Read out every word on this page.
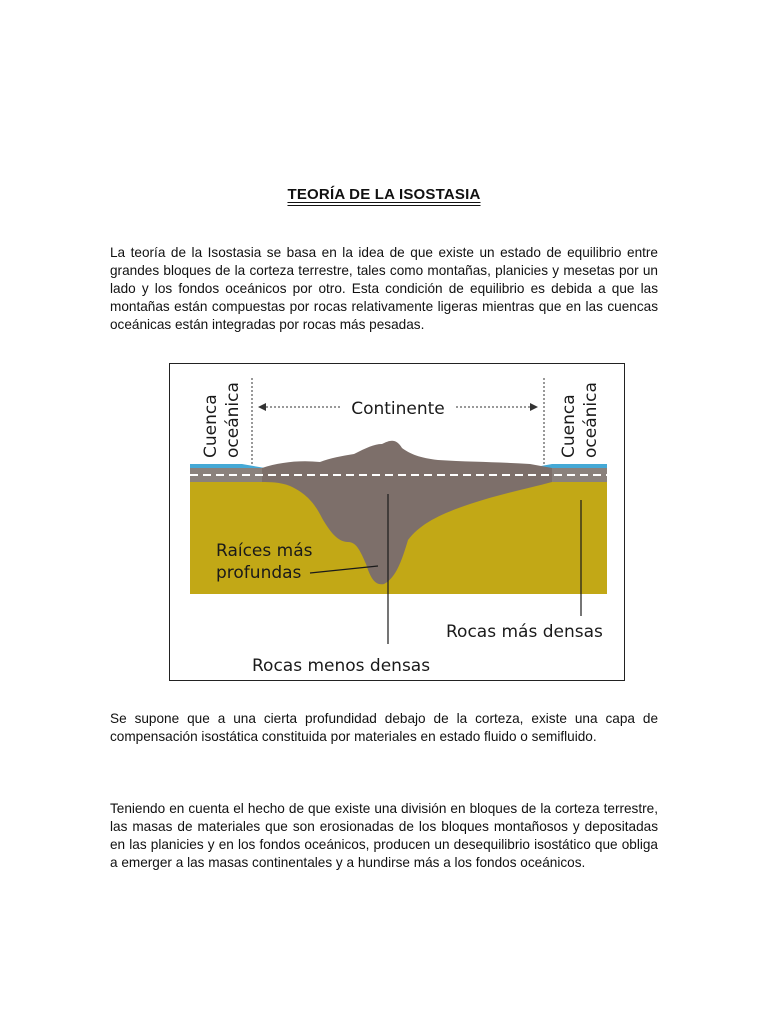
TEORÍA DE LA ISOSTASIA

La teoría de la Isostasia se basa en la idea de que existe un estado de equilibrio entre grandes bloques de la corteza terrestre, tales como montañas, planicies y mesetas por un lado y los fondos oceánicos por otro. Esta condición de equilibrio es debida a que las montañas están compuestas por rocas relativamente ligeras mientras que en las cuencas oceánicas están integradas por rocas más pesadas.

Continente
Cuenca oceánica	Cuenca oceánica
Raíces más
profundas
Rocas más densas
Rocas menos densas

Se supone que a una cierta profundidad debajo de la corteza, existe una capa de compensación isostática constituida por materiales en estado fluido o semifluido.

Teniendo en cuenta el hecho de que existe una división en bloques de la corteza terrestre, las masas de materiales que son erosionadas de los bloques montañosos y depositadas en las planicies y en los fondos oceánicos, producen un desequilibrio isostático que obliga a emerger a las masas continentales y a hundirse más a los fondos oceánicos.
